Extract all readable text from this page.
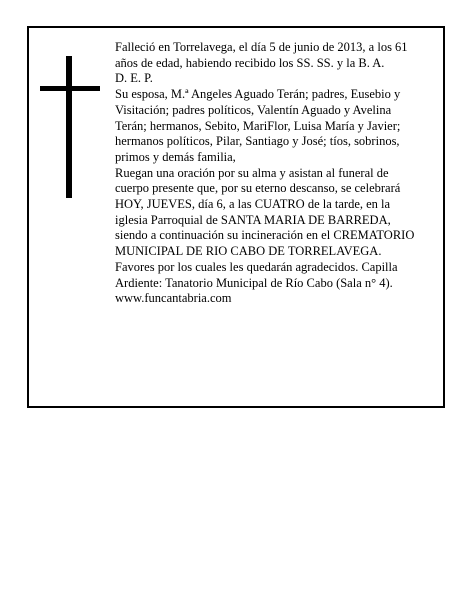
Falleció en Torrelavega, el día 5 de junio de 2013, a los 61 años de edad, habiendo recibido los SS. SS. y la B. A.

D. E. P.

Su esposa, M.ª Angeles Aguado Terán; padres, Eusebio y Visitación; padres políticos, Valentín Aguado y Avelina Terán; hermanos, Sebito, MariFlor, Luisa María y Javier; hermanos políticos, Pilar, Santiago y José; tíos, sobrinos, primos y demás familia,

Ruegan una oración por su alma y asistan al funeral de cuerpo presente que, por su eterno descanso, se celebrará HOY, JUEVES, día 6, a las CUATRO de la tarde, en la iglesia Parroquial de SANTA MARIA DE BARREDA, siendo a continuación su incineración en el CREMATORIO MUNICIPAL DE RIO CABO DE TORRELAVEGA. Favores por los cuales les quedarán agradecidos. Capilla Ardiente: Tanatorio Municipal de Río Cabo (Sala n° 4).

www.funcantabria.com
